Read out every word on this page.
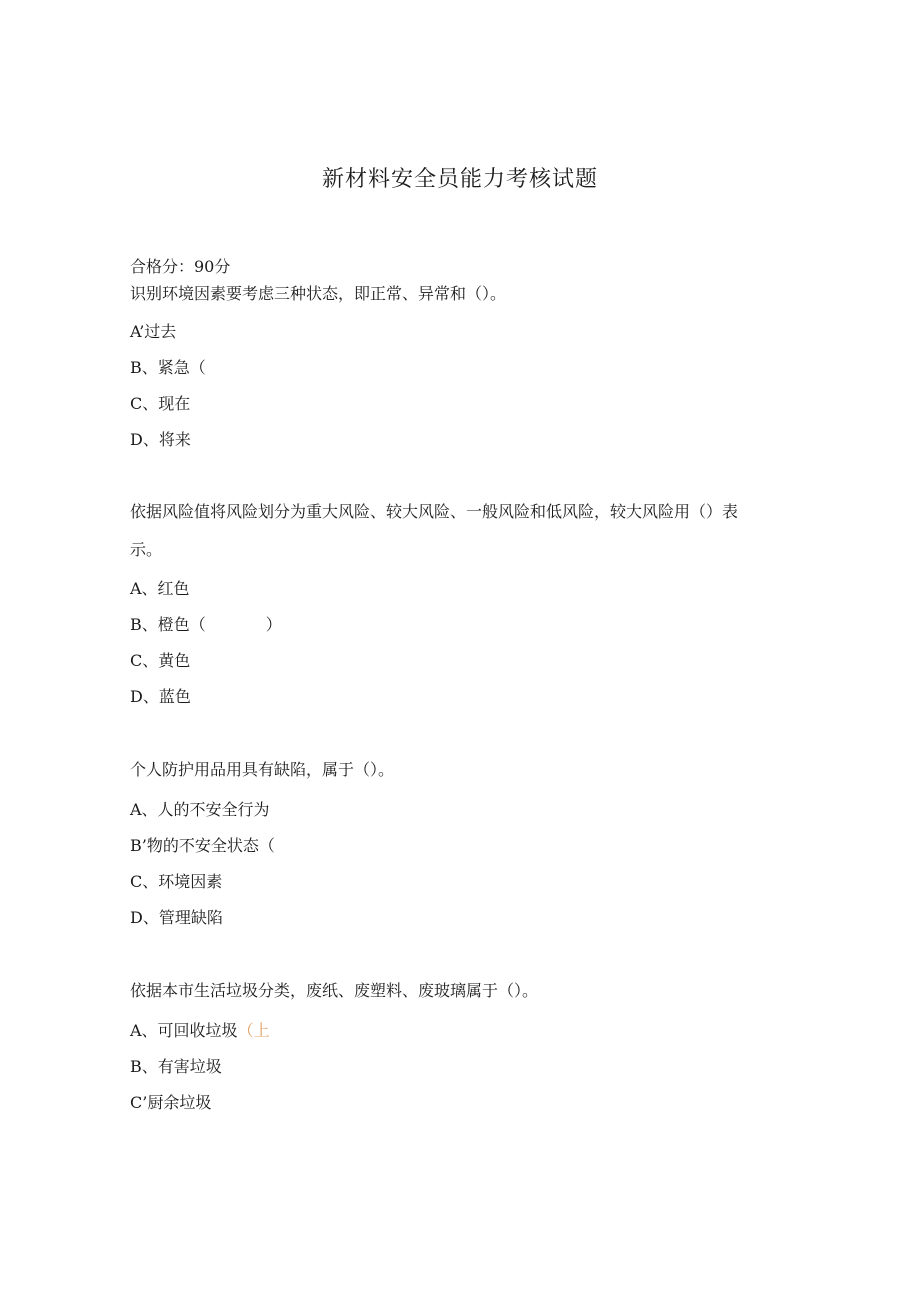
新材料安全员能力考核试题
合格分：90分
识别环境因素要考虑三种状态，即正常、异常和（）。
A’过去
B、紧急（
C、现在
D、将来
依据风险值将风险划分为重大风险、较大风险、一般风险和低风险，较大风险用（）表
示。
A、红色
B、橙色（	）
C、黄色
D、蓝色
个人防护用品用具有缺陷，属于（）。
A、人的不安全行为
B’物的不安全状态（
C、环境因素
D、管理缺陷
依据本市生活垃圾分类，废纸、废塑料、废玻璃属于（）。
A、可回收垃圾（上
B、有害垃圾
C’厨余垃圾
